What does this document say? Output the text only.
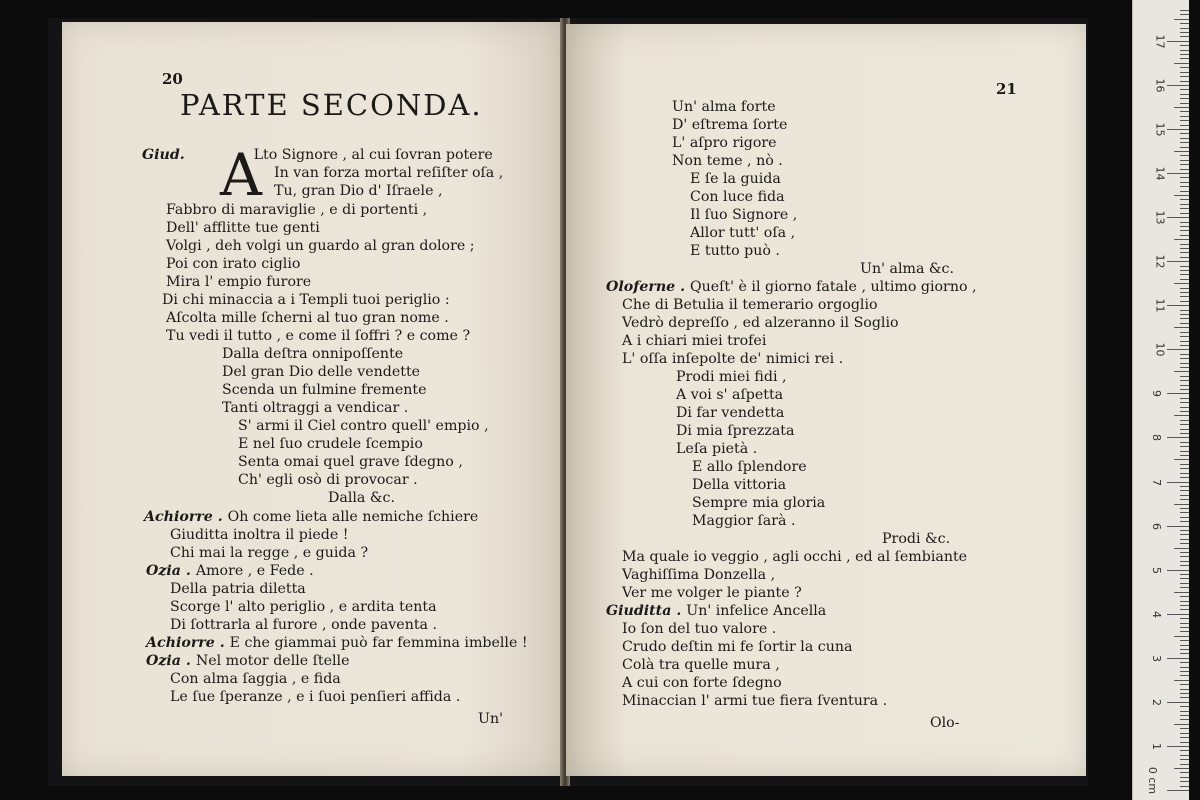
20
PARTE SECONDA.
A
Giud.	Lto Signore , al cui ſovran potere
In van forza mortal reſiſter oſa ,
Tu, gran Dio d' Iſraele ,
Fabbro di maraviglie , e di portenti ,
Dell' afflitte tue genti
Volgi , deh volgi un guardo al gran dolore ;
Poi con irato ciglio
Mira l' empio furore
Di chi minaccia a i Templi tuoi periglio :
Aſcolta mille ſcherni al tuo gran nome .
Tu vedi il tutto , e come il ſoffri ? e come ?
Dalla deſtra onnipoſſente
Del gran Dio delle vendette
Scenda un fulmine fremente
Tanti oltraggi a vendicar .
S' armi il Ciel contro quell' empio ,
E nel ſuo crudele ſcempio
Senta omai quel grave ſdegno ,
Ch' egli osò di provocar .
Dalla &c.
Achiorre . Oh come lieta alle nemiche ſchiere
Giuditta inoltra il piede !
Chi mai la regge , e guida ?
Ozia . Amore , e Fede .
Della patria diletta
Scorge l' alto periglio , e ardita tenta
Di ſottrarla al furore , onde paventa .
Achiorre . E che giammai può far femmina imbelle !
Ozia . Nel motor delle ſtelle
Con alma ſaggia , e fida
Le ſue ſperanze , e i ſuoi penſieri affida .
Un'
21
Un' alma forte
D' eſtrema ſorte
L' aſpro rigore
Non teme , nò .
E ſe la guida
Con luce fida
Il ſuo Signore ,
Allor tutt' oſa ,
E tutto può .
Un' alma &c.
Oloferne . Queſt' è il giorno fatale , ultimo giorno ,
Che di Betulia il temerario orgoglio
Vedrò depreſſo , ed alzeranno il Soglio
A i chiari miei trofei
L' oſſa inſepolte de' nimici rei .
Prodi miei fidi ,
A voi s' aſpetta
Di far vendetta
Di mia ſprezzata
Leſa pietà .
E allo ſplendore
Della vittoria
Sempre mia gloria
Maggior ſarà .
Prodi &c.
Ma quale io veggio , agli occhi , ed al ſembiante
Vaghiſſima Donzella ,
Ver me volger le piante ?
Giuditta . Un' infelice Ancella
Io ſon del tuo valore .
Crudo deſtin mi fe ſortir la cuna
Colà tra quelle mura ,
A cui con forte ſdegno
Minaccian l' armi tue fiera ſventura .
Olo-
0 cm
1
2
3
4
5
6
7
8
9
10
11
12
13
14
15
16
17
